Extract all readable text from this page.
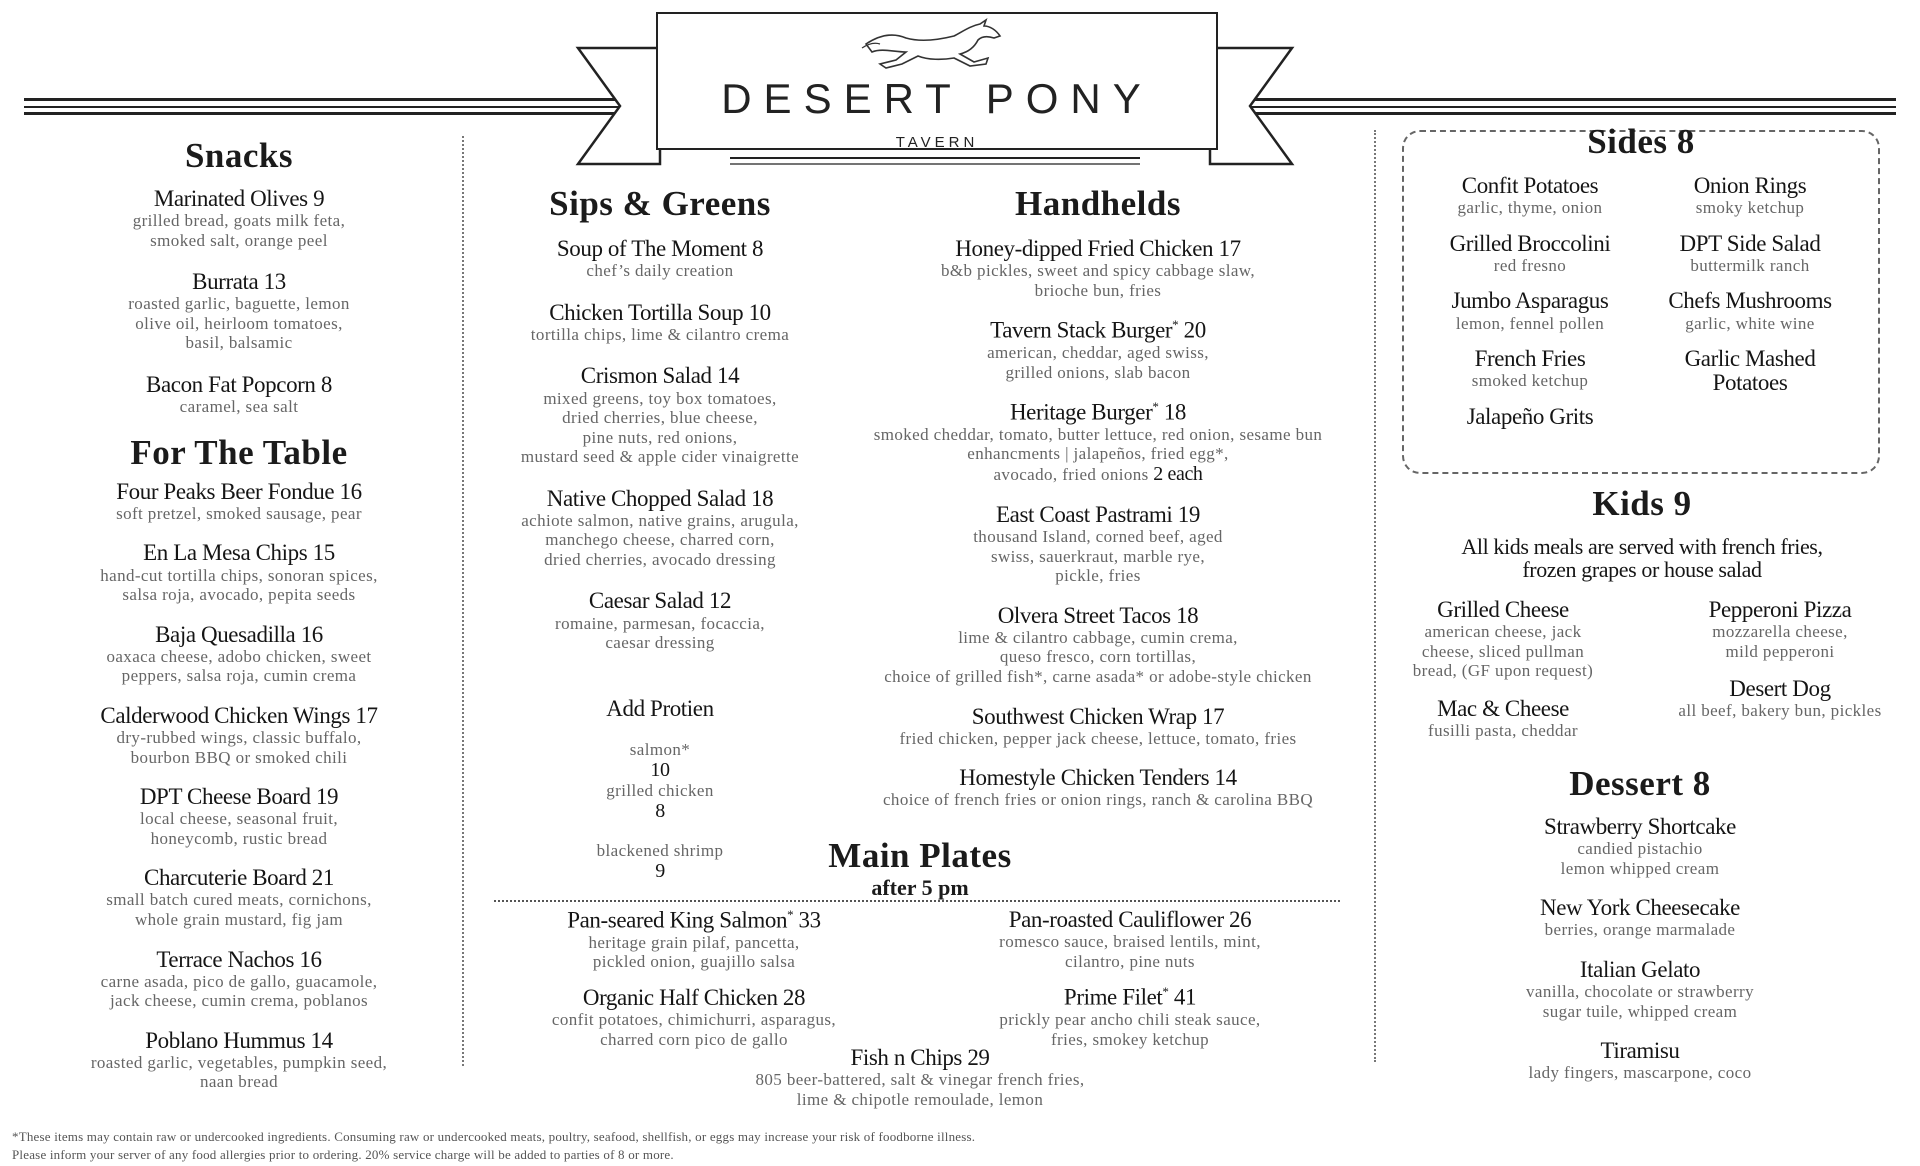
DESERT PONY
TAVERN
Snacks
Marinated Olives 9
grilled bread, goats milk feta,
smoked salt, orange peel
Burrata 13
roasted garlic, baguette, lemon
olive oil, heirloom tomatoes,
basil, balsamic
Bacon Fat Popcorn 8
caramel, sea salt
For The Table
Four Peaks Beer Fondue 16
soft pretzel, smoked sausage, pear
En La Mesa Chips 15
hand-cut tortilla chips, sonoran spices,
salsa roja, avocado, pepita seeds
Baja Quesadilla 16
oaxaca cheese, adobo chicken, sweet
peppers, salsa roja, cumin crema
Calderwood Chicken Wings 17
dry-rubbed wings, classic buffalo,
bourbon BBQ or smoked chili
DPT Cheese Board 19
local cheese, seasonal fruit,
honeycomb, rustic bread
Charcuterie Board 21
small batch cured meats, cornichons,
whole grain mustard, fig jam
Terrace Nachos 16
carne asada, pico de gallo, guacamole,
jack cheese, cumin crema, poblanos
Poblano Hummus 14
roasted garlic, vegetables, pumpkin seed,
naan bread
Sips & Greens
Soup of The Moment 8
chef’s daily creation
Chicken Tortilla Soup 10
tortilla chips, lime & cilantro crema
Crismon Salad 14
mixed greens, toy box tomatoes,
dried cherries, blue cheese,
pine nuts, red onions,
mustard seed & apple cider vinaigrette
Native Chopped Salad 18
achiote salmon, native grains, arugula,
manchego cheese, charred corn,
dried cherries, avocado dressing
Caesar Salad 12
romaine, parmesan, focaccia,
caesar dressing
Add Protien

salmon*
10
grilled chicken
8

blackened shrimp
9

Handhelds
Honey-dipped Fried Chicken 17
b&b pickles, sweet and spicy cabbage slaw,
brioche bun, fries
Tavern Stack Burger* 20
american, cheddar, aged swiss,
grilled onions, slab bacon
Heritage Burger* 18
smoked cheddar, tomato, butter lettuce, red onion, sesame bun
enhancments | jalapeños, fried egg*,
avocado, fried onions 2 each
East Coast Pastrami 19
thousand Island, corned beef, aged
swiss, sauerkraut, marble rye,
pickle, fries
Olvera Street Tacos 18
lime & cilantro cabbage, cumin crema,
queso fresco, corn tortillas,
choice of grilled fish*, carne asada* or adobe-style chicken
Southwest Chicken Wrap 17
fried chicken, pepper jack cheese, lettuce, tomato, fries
Homestyle Chicken Tenders 14
choice of french fries or onion rings, ranch & carolina BBQ
Main Plates
after 5 pm
Pan-seared King Salmon* 33
heritage grain pilaf, pancetta,
pickled onion, guajillo salsa
Organic Half Chicken 28
confit potatoes, chimichurri, asparagus,
charred corn pico de gallo
Pan-roasted Cauliflower 26
romesco sauce, braised lentils, mint,
cilantro, pine nuts
Prime Filet* 41
prickly pear ancho chili steak sauce,
fries, smokey ketchup
Fish n Chips 29
805 beer-battered, salt & vinegar french fries,
lime & chipotle remoulade, lemon
Sides 8
Confit Potatoes
garlic, thyme, onion
Grilled Broccolini
red fresno
Jumbo Asparagus
lemon, fennel pollen
French Fries
smoked ketchup
Jalapeño Grits
Onion Rings
smoky ketchup
DPT Side Salad
buttermilk ranch
Chefs Mushrooms
garlic, white wine
Garlic Mashed
Potatoes
Kids 9
All kids meals are served with french fries,
frozen grapes or house salad
Grilled Cheese
american cheese, jack
cheese, sliced pullman
bread, (GF upon request)
Mac & Cheese
fusilli pasta, cheddar
Pepperoni Pizza
mozzarella cheese,
mild pepperoni
Desert Dog
all beef, bakery bun, pickles
Dessert 8
Strawberry Shortcake
candied pistachio
lemon whipped cream
New York Cheesecake
berries, orange marmalade
Italian Gelato
vanilla, chocolate or strawberry
sugar tuile, whipped cream
Tiramisu
lady fingers, mascarpone, coco
*These items may contain raw or undercooked ingredients. Consuming raw or undercooked meats, poultry, seafood, shellfish, or eggs may increase your risk of foodborne illness.
Please inform your server of any food allergies prior to ordering. 20% service charge will be added to parties of 8 or more.
